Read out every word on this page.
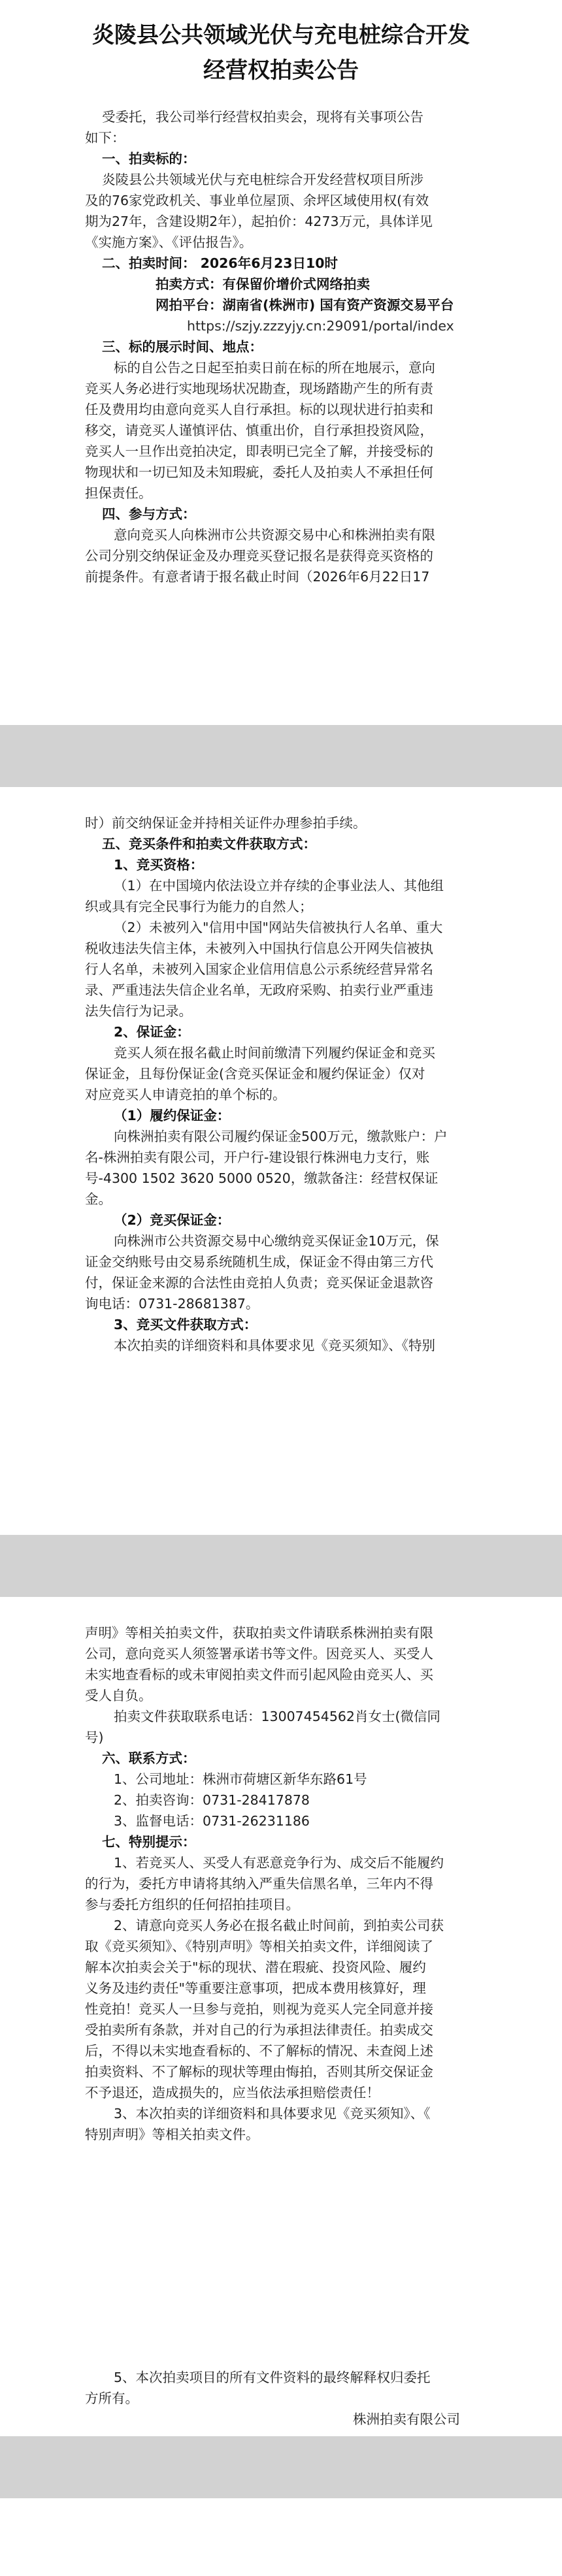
炎陵县公共领域光伏与充电桩综合开发
经营权拍卖公告
受委托，我公司举行经营权拍卖会，现将有关事项公告
如下：
一、拍卖标的：
炎陵县公共领域光伏与充电桩综合开发经营权项目所涉
及的76家党政机关、事业单位屋顶、余坪区域使用权(有效
期为27年，含建设期2年），起拍价：4273万元，具体详见
《实施方案》、《评估报告》。
二、拍卖时间： 2026年6月23日10时
拍卖方式：有保留价增价式网络拍卖
网拍平台：湖南省(株洲市) 国有资产资源交易平台
https://szjy.zzzyjy.cn:29091/portal/index
三、标的展示时间、地点：
标的自公告之日起至拍卖日前在标的所在地展示，意向
竞买人务必进行实地现场状况勘查，现场踏勘产生的所有责
任及费用均由意向竞买人自行承担。标的以现状进行拍卖和
移交，请竞买人谨慎评估、慎重出价，自行承担投资风险，
竞买人一旦作出竞拍决定，即表明已完全了解，并接受标的
物现状和一切已知及未知瑕疵，委托人及拍卖人不承担任何
担保责任。
四、参与方式：
意向竞买人向株洲市公共资源交易中心和株洲拍卖有限
公司分别交纳保证金及办理竞买登记报名是获得竞买资格的
前提条件。有意者请于报名截止时间（2026年6月22日17
时）前交纳保证金并持相关证件办理参拍手续。
五、竞买条件和拍卖文件获取方式：
1、竞买资格：
（1）在中国境内依法设立并存续的企事业法人、其他组
织或具有完全民事行为能力的自然人；
（2）未被列入"信用中国"网站失信被执行人名单、重大
税收违法失信主体，未被列入中国执行信息公开网失信被执
行人名单，未被列入国家企业信用信息公示系统经营异常名
录、严重违法失信企业名单，无政府采购、拍卖行业严重违
法失信行为记录。
2、保证金：
竞买人须在报名截止时间前缴清下列履约保证金和竞买
保证金，且每份保证金(含竞买保证金和履约保证金）仅对
对应竞买人申请竞拍的单个标的。
（1）履约保证金：
向株洲拍卖有限公司履约保证金500万元，缴款账户：户
名-株洲拍卖有限公司，开户行-建设银行株洲电力支行，账
号-4300 1502 3620 5000 0520，缴款备注：经营权保证
金。
（2）竞买保证金：
向株洲市公共资源交易中心缴纳竞买保证金10万元，保
证金交纳账号由交易系统随机生成，保证金不得由第三方代
付，保证金来源的合法性由竞拍人负责；竞买保证金退款咨
询电话：0731-28681387。
3、竞买文件获取方式：
本次拍卖的详细资料和具体要求见《竞买须知》、《特别
声明》等相关拍卖文件，获取拍卖文件请联系株洲拍卖有限
公司，意向竞买人须签署承诺书等文件。因竞买人、买受人
未实地查看标的或未审阅拍卖文件而引起风险由竞买人、买
受人自负。
拍卖文件获取联系电话：13007454562肖女士(微信同
号)
六、联系方式：
1、公司地址：株洲市荷塘区新华东路61号
2、拍卖咨询：0731-28417878
3、监督电话：0731-26231186
七、特别提示：
1、若竞买人、买受人有恶意竞争行为、成交后不能履约
的行为，委托方申请将其纳入严重失信黑名单，三年内不得
参与委托方组织的任何招拍挂项目。
2、请意向竞买人务必在报名截止时间前，到拍卖公司获
取《竞买须知》、《特别声明》等相关拍卖文件，详细阅读了
解本次拍卖会关于"标的现状、潜在瑕疵、投资风险、履约
义务及违约责任"等重要注意事项，把成本费用核算好，理
性竞拍！竞买人一旦参与竞拍，则视为竞买人完全同意并接
受拍卖所有条款，并对自己的行为承担法律责任。拍卖成交
后，不得以未实地查看标的、不了解标的情况、未查阅上述
拍卖资料、不了解标的现状等理由悔拍，否则其所交保证金
不予退还，造成损失的，应当依法承担赔偿责任！
3、本次拍卖的详细资料和具体要求见《竞买须知》、《
特别声明》等相关拍卖文件。
5、本次拍卖项目的所有文件资料的最终解释权归委托
方所有。
株洲拍卖有限公司
